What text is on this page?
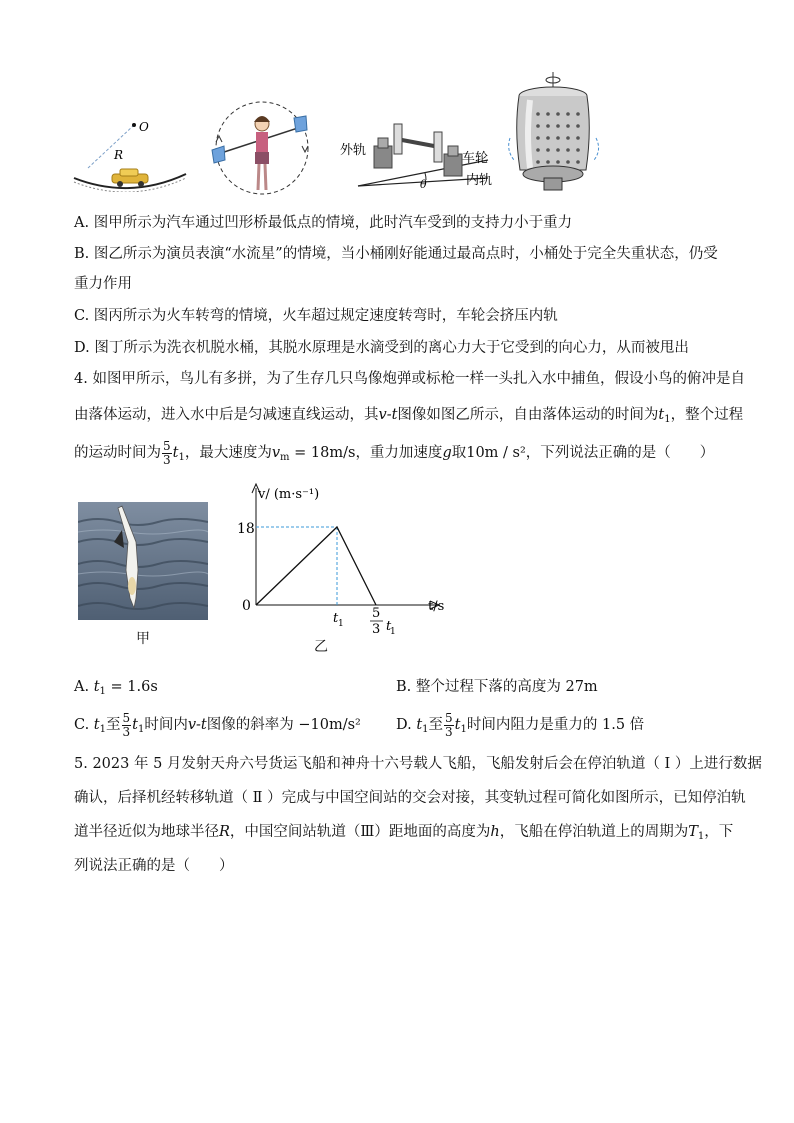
O
R
θ
外轨
车轮
内轨
A. 图甲所示为汽车通过凹形桥最低点的情境，此时汽车受到的支持力小于重力
B. 图乙所示为演员表演“水流星”的情境，当小桶刚好能通过最高点时，小桶处于完全失重状态，仍受
重力作用
C. 图丙所示为火车转弯的情境，火车超过规定速度转弯时，车轮会挤压内轨
D. 图丁所示为洗衣机脱水桶，其脱水原理是水滴受到的离心力大于它受到的向心力，从而被甩出
4. 如图甲所示，鸟儿有多拼，为了生存几只鸟像炮弹或标枪一样一头扎入水中捕鱼，假设小鸟的俯冲是自
由落体运动，进入水中后是匀减速直线运动，其v-t图像如图乙所示，自由落体运动的时间为$t_1$，整个过程
的运动时间为 $\frac{5}{3} t_1$，最大速度为$v_m = 18m/s$，重力加速度g取10m / s²，下列说法正确的是（　　）
甲
v/ (m·s⁻¹)
t/s
18
0
t 1
5
3 t
1
乙
A. $t_1 = 1.6s$	B. 整个过程下落的高度为 27m
C. $t_1$至 $\frac{5}{3} t_1$时间内v-t图像的斜率为 −10m/s² D. $t_1$至 $\frac{5}{3} t_1$时间内阻力是重力的 1.5 倍
5. 2023 年 5 月发射天舟六号货运飞船和神舟十六号载人飞船，飞船发射后会在停泊轨道（ Ⅰ ）上进行数据
确认，后择机经转移轨道（ Ⅱ ）完成与中国空间站的交会对接，其变轨过程可简化如图所示，已知停泊轨
道半径近似为地球半径R，中国空间站轨道（Ⅲ）距地面的高度为h，飞船在停泊轨道上的周期为$T_1$，下
列说法正确的是（　　）
